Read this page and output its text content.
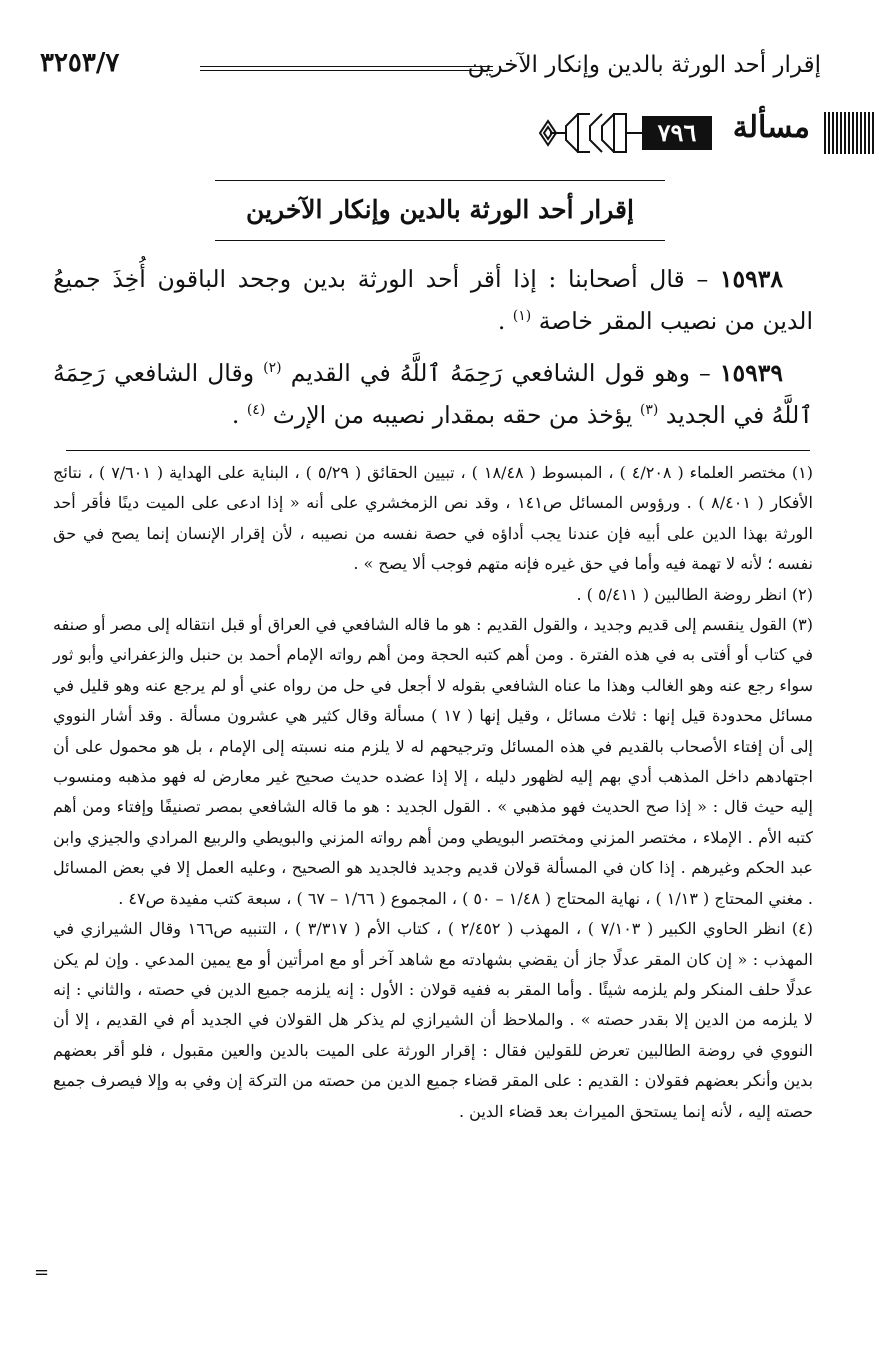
إقرار أحد الورثة بالدين وإنكار الآخرين
٣٢٥٣/٧
مسألة
٧٩٦
إقرار أحد الورثة بالدين وإنكار الآخرين

١٥٩٣٨ – قال أصحابنا : إذا أقر أحد الورثة بدين وجحد الباقون أُخِذَ جميعُ الدين من نصيب المقر خاصة $^{(١)}$ .

١٥٩٣٩ – وهو قول الشافعي رَحِمَهُ ٱللَّهُ في القديم $^{(٢)}$ وقال الشافعي رَحِمَهُ ٱللَّهُ في الجديد $^{(٣)}$ يؤخذ من حقه بمقدار نصيبه من الإرث $^{(٤)}$ .

(١) مختصر العلماء ( ٤/٢٠٨ ) ، المبسوط ( ١٨/٤٨ ) ، تبيين الحقائق ( ٥/٢٩ ) ، البناية على الهداية ( ٧/٦٠١ ) ، نتائج الأفكار ( ٨/٤٠١ ) . ورؤوس المسائل ص١٤١ ، وقد نص الزمخشري على أنه « إذا ادعى على الميت دينًا فأقر أحد الورثة بهذا الدين على أبيه فإن عندنا يجب أداؤه في حصة نفسه من نصيبه ، لأن إقرار الإنسان إنما يصح في حق نفسه ؛ لأنه لا تهمة فيه وأما في حق غيره فإنه متهم فوجب ألا يصح » .

(٢) انظر روضة الطالبين ( ٥/٤١١ ) .

(٣) القول ينقسم إلى قديم وجديد ، والقول القديم : هو ما قاله الشافعي في العراق أو قبل انتقاله إلى مصر أو صنفه في كتاب أو أفتى به في هذه الفترة . ومن أهم كتبه الحجة ومن أهم رواته الإمام أحمد بن حنبل والزعفراني وأبو ثور سواء رجع عنه وهو الغالب وهذا ما عناه الشافعي بقوله لا أجعل في حل من رواه عني أو لم يرجع عنه وهو قليل في مسائل محدودة قيل إنها : ثلاث مسائل ، وقيل إنها ( ١٧ ) مسألة وقال كثير هي عشرون مسألة . وقد أشار النووي إلى أن إفتاء الأصحاب بالقديم في هذه المسائل وترجيحهم له لا يلزم منه نسبته إلى الإمام ، بل هو محمول على أن اجتهادهم داخل المذهب أدي بهم إليه لظهور دليله ، إلا إذا عضده حديث صحيح غير معارض له فهو مذهبه ومنسوب إليه حيث قال : « إذا صح الحديث فهو مذهبي » . القول الجديد : هو ما قاله الشافعي بمصر تصنيفًا وإفتاء ومن أهم كتبه الأم . الإملاء ، مختصر المزني ومختصر البويطي ومن أهم رواته المزني والبويطي والربيع المرادي والجيزي وابن عبد الحكم وغيرهم . إذا كان في المسألة قولان قديم وجديد فالجديد هو الصحيح ، وعليه العمل إلا في بعض المسائل . مغني المحتاج ( ١/١٣ ) ، نهاية المحتاج ( ١/٤٨ – ٥٠ ) ، المجموع ( ١/٦٦ – ٦٧ ) ، سبعة كتب مفيدة ص٤٧ .

(٤) انظر الحاوي الكبير ( ٧/١٠٣ ) ، المهذب ( ٢/٤٥٢ ) ، كتاب الأم ( ٣/٣١٧ ) ، التنبيه ص١٦٦ وقال الشيرازي في المهذب : « إن كان المقر عدلًا جاز أن يقضي بشهادته مع شاهد آخر أو مع امرأتين أو مع يمين المدعي . وإن لم يكن عدلًا حلف المنكر ولم يلزمه شيئًا . وأما المقر به ففيه قولان : الأول : إنه يلزمه جميع الدين في حصته ، والثاني : إنه لا يلزمه من الدين إلا بقدر حصته » . والملاحظ أن الشيرازي لم يذكر هل القولان في الجديد أم في القديم ، إلا أن النووي في روضة الطالبين تعرض للقولين فقال : إقرار الورثة على الميت بالدين والعين مقبول ، فلو أقر بعضهم بدين وأنكر بعضهم فقولان : القديم : على المقر قضاء جميع الدين من حصته من التركة إن وفي به وإلا فيصرف جميع حصته إليه ، لأنه إنما يستحق الميراث بعد قضاء الدين .

=
